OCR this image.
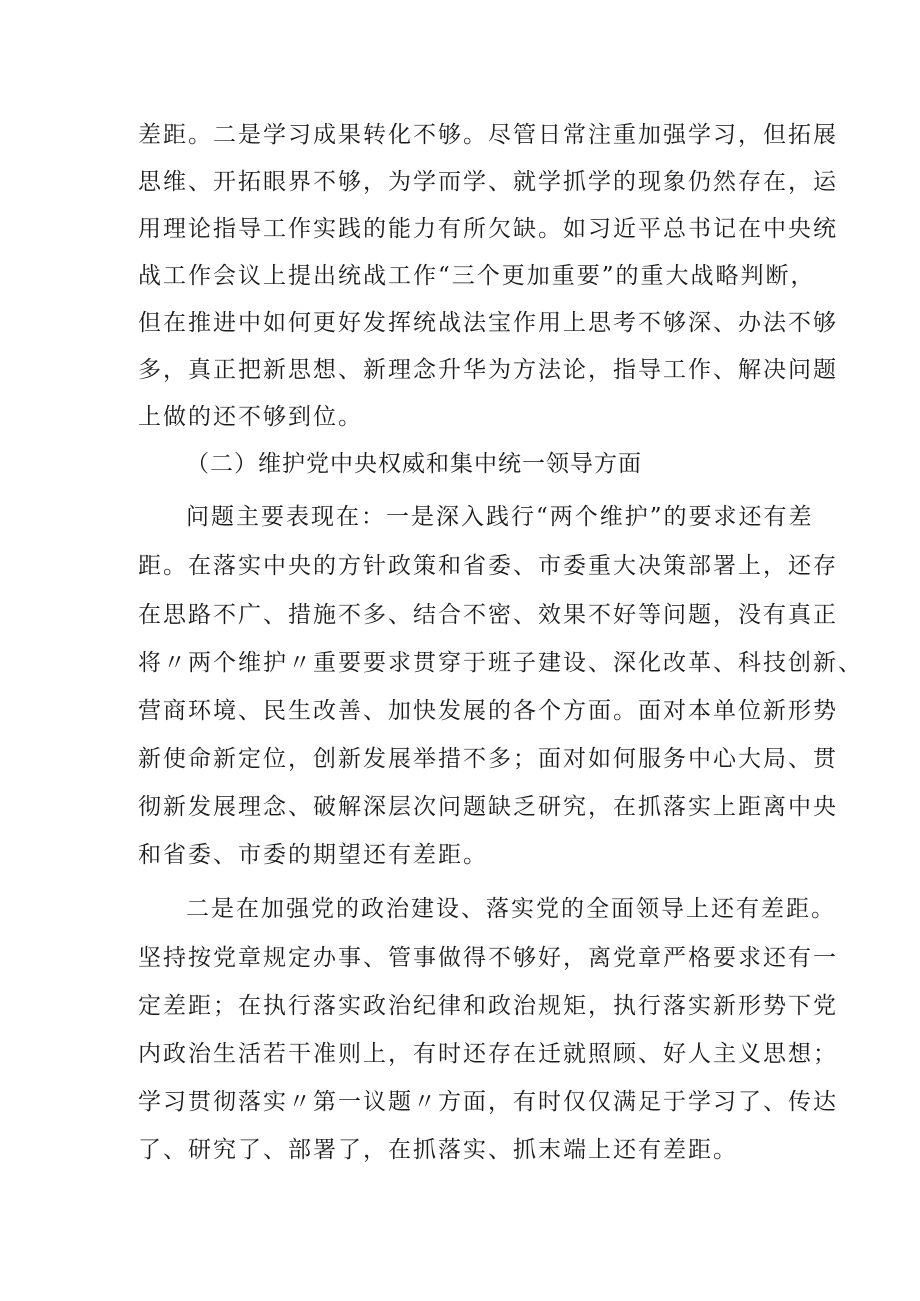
差距。二是学习成果转化不够。尽管日常注重加强学习，但拓展
思维、开拓眼界不够，为学而学、就学抓学的现象仍然存在，运
用理论指导工作实践的能力有所欠缺。如习近平总书记在中央统
战工作会议上提出统战工作“三个更加重要”的重大战略判断，
但在推进中如何更好发挥统战法宝作用上思考不够深、办法不够
多，真正把新思想、新理念升华为方法论，指导工作、解决问题
上做的还不够到位。
（二）维护党中央权威和集中统一领导方面
问题主要表现在：一是深入践行“两个维护”的要求还有差
距。在落实中央的方针政策和省委、市委重大决策部署上，还存
在思路不广、措施不多、结合不密、效果不好等问题，没有真正
将〃两个维护〃重要要求贯穿于班子建设、深化改革、科技创新、
营商环境、民生改善、加快发展的各个方面。面对本单位新形势
新使命新定位，创新发展举措不多；面对如何服务中心大局、贯
彻新发展理念、破解深层次问题缺乏研究，在抓落实上距离中央
和省委、市委的期望还有差距。
二是在加强党的政治建设、落实党的全面领导上还有差距。
坚持按党章规定办事、管事做得不够好，离党章严格要求还有一
定差距；在执行落实政治纪律和政治规矩，执行落实新形势下党
内政治生活若干准则上，有时还存在迁就照顾、好人主义思想；
学习贯彻落实〃第一议题〃方面，有时仅仅满足于学习了、传达
了、研究了、部署了，在抓落实、抓末端上还有差距。
